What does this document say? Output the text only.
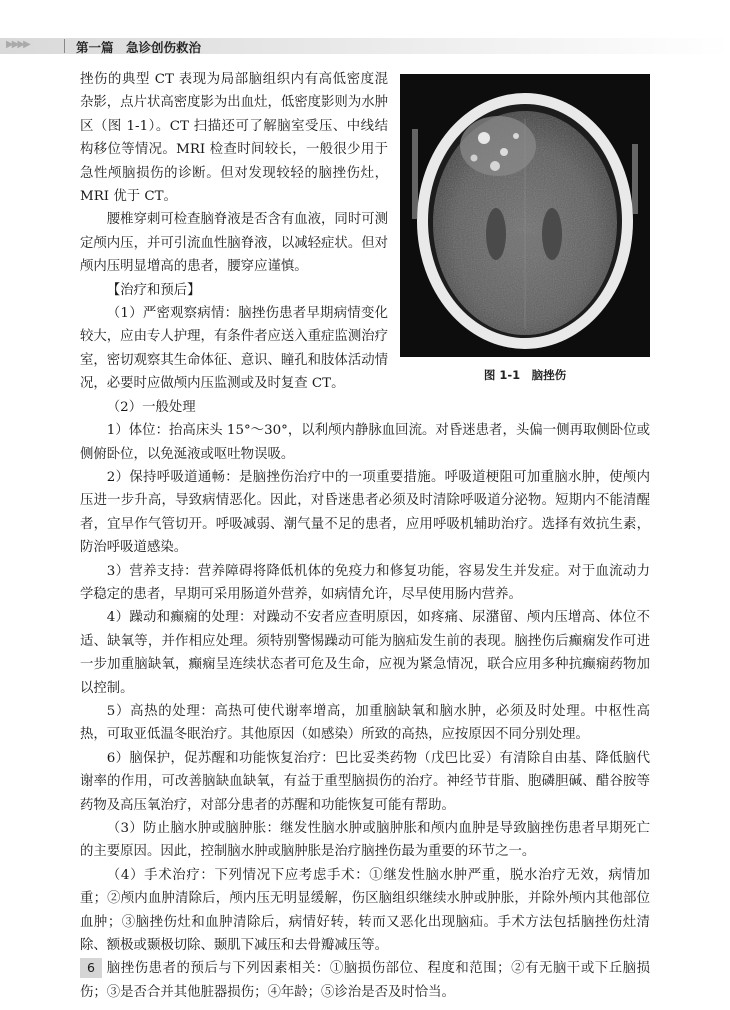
▶▶▶▶	第一篇　 急诊创伤救治
图 1-1　脑挫伤

挫伤的典型 CT 表现为局部脑组织内有高低密度混杂影，点片状高密度影为出血灶，低密度影则为水肿区（图 1-1）。CT 扫描还可了解脑室受压、中线结构移位等情况。MRI 检查时间较长，一般很少用于急性颅脑损伤的诊断。但对发现较轻的脑挫伤灶，MRI 优于 CT。

腰椎穿刺可检查脑脊液是否含有血液，同时可测定颅内压，并可引流血性脑脊液，以减轻症状。但对颅内压明显增高的患者，腰穿应谨慎。

【治疗和预后】

（1）严密观察病情：脑挫伤患者早期病情变化较大，应由专人护理，有条件者应送入重症监测治疗室，密切观察其生命体征、意识、瞳孔和肢体活动情况，必要时应做颅内压监测或及时复查 CT。

（2）一般处理

1）体位：抬高床头 15°～30°，以利颅内静脉血回流。对昏迷患者，头偏一侧再取侧卧位或侧俯卧位，以免涎液或呕吐物误吸。

2）保持呼吸道通畅：是脑挫伤治疗中的一项重要措施。呼吸道梗阻可加重脑水肿，使颅内压进一步升高，导致病情恶化。因此，对昏迷患者必须及时清除呼吸道分泌物。短期内不能清醒者，宜早作气管切开。呼吸减弱、潮气量不足的患者，应用呼吸机辅助治疗。选择有效抗生素，防治呼吸道感染。

3）营养支持：营养障碍将降低机体的免疫力和修复功能，容易发生并发症。对于血流动力学稳定的患者，早期可采用肠道外营养，如病情允许，尽早使用肠内营养。

4）躁动和癫痫的处理：对躁动不安者应查明原因，如疼痛、尿潴留、颅内压增高、体位不适、缺氧等，并作相应处理。须特别警惕躁动可能为脑疝发生前的表现。脑挫伤后癫痫发作可进一步加重脑缺氧，癫痫呈连续状态者可危及生命，应视为紧急情况，联合应用多种抗癫痫药物加以控制。

5）高热的处理：高热可使代谢率增高，加重脑缺氧和脑水肿，必须及时处理。中枢性高热，可取亚低温冬眠治疗。其他原因（如感染）所致的高热，应按原因不同分别处理。

6）脑保护，促苏醒和功能恢复治疗：巴比妥类药物（戊巴比妥）有清除自由基、降低脑代谢率的作用，可改善脑缺血缺氧，有益于重型脑损伤的治疗。神经节苷脂、胞磷胆碱、醋谷胺等药物及高压氧治疗，对部分患者的苏醒和功能恢复可能有帮助。

（3）防止脑水肿或脑肿胀：继发性脑水肿或脑肿胀和颅内血肿是导致脑挫伤患者早期死亡的主要原因。因此，控制脑水肿或脑肿胀是治疗脑挫伤最为重要的环节之一。

（4）手术治疗：下列情况下应考虑手术：①继发性脑水肿严重，脱水治疗无效，病情加重；②颅内血肿清除后，颅内压无明显缓解，伤区脑组织继续水肿或肿胀，并除外颅内其他部位血肿；③脑挫伤灶和血肿清除后，病情好转，转而又恶化出现脑疝。手术方法包括脑挫伤灶清除、额极或颞极切除、颞肌下减压和去骨瓣减压等。

脑挫伤患者的预后与下列因素相关：①脑损伤部位、程度和范围；②有无脑干或下丘脑损伤；③是否合并其他脏器损伤；④年龄；⑤诊治是否及时恰当。

6
